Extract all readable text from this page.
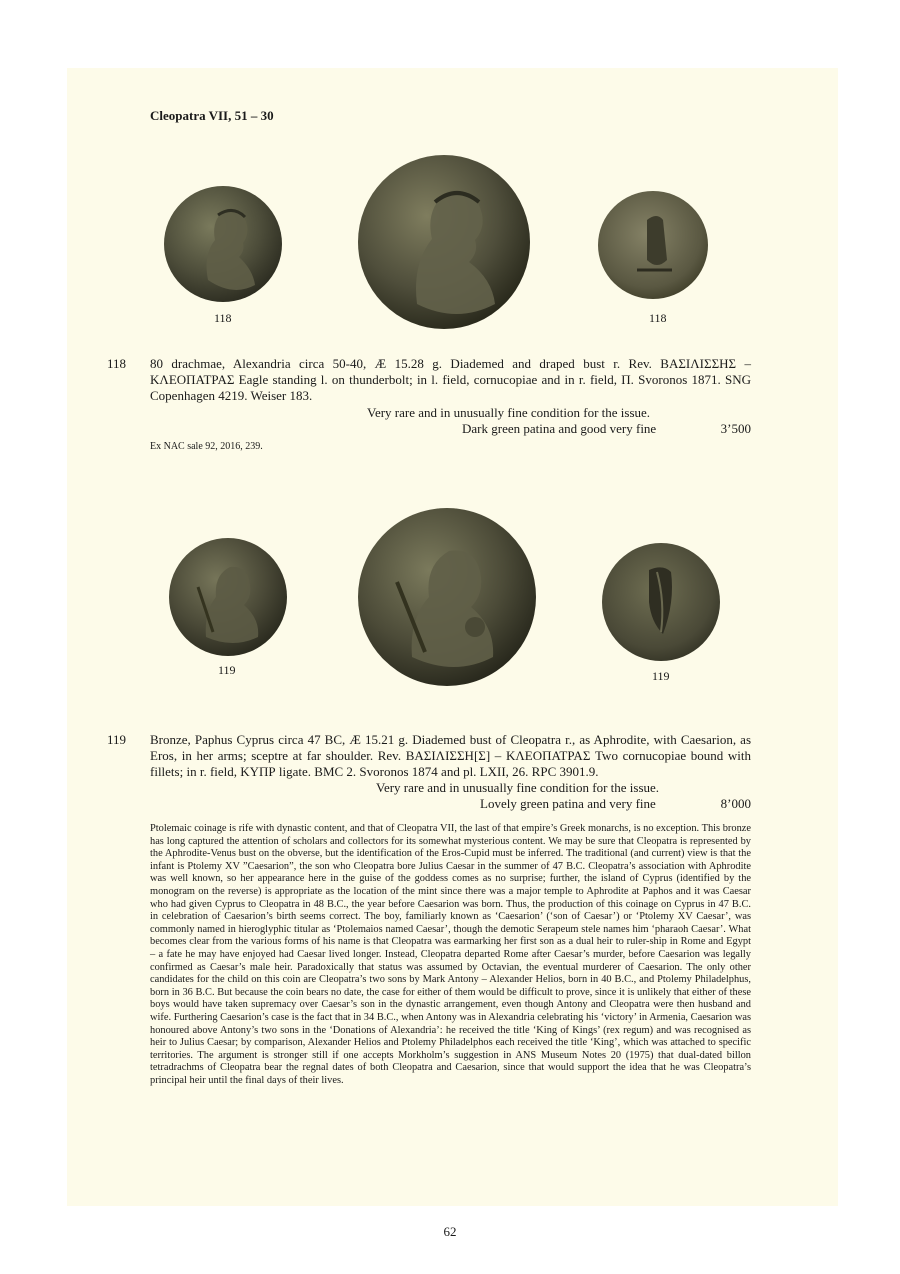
Cleopatra VII, 51 – 30
118	118
118 80 drachmae, Alexandria circa 50-40, Æ 15.28 g. Diademed and draped bust r. Rev. ΒΑΣΙΛΙΣΣΗΣ – ΚΛΕΟΠΑΤΡΑΣ Eagle standing l. on thunderbolt; in l. field, cornucopiae and in r. field, Π. Svoronos 1871. SNG Copenhagen 4219. Weiser 183.
Very rare and in unusually fine condition for the issue.
Dark green patina and good very fine	3’500
Ex NAC sale 92, 2016, 239.
119	119
119 Bronze, Paphus Cyprus circa 47 BC, Æ 15.21 g. Diademed bust of Cleopatra r., as Aphrodite, with Caesarion, as Eros, in her arms; sceptre at far shoulder. Rev. ΒΑΣΙΛΙΣΣΗ[Σ] – ΚΛΕΟΠΑΤΡΑΣ Two cornucopiae bound with fillets; in r. field, ΚΥΠΡ ligate. BMC 2. Svoronos 1874 and pl. LXII, 26. RPC 3901.9.
Very rare and in unusually fine condition for the issue.
Lovely green patina and very fine	8’000

Ptolemaic coinage is rife with dynastic content, and that of Cleopatra VII, the last of that empire’s Greek monarchs, is no exception. This bronze has long captured the attention of scholars and collectors for its somewhat mysterious content. We may be sure that Cleopatra is represented by the Aphrodite-Venus bust on the obverse, but the identification of the Eros-Cupid must be inferred. The traditional (and current) view is that the infant is Ptolemy XV ”Caesarion”, the son who Cleopatra bore Julius Caesar in the summer of 47 B.C. Cleopatra’s association with Aphrodite was well known, so her appearance here in the guise of the goddess comes as no surprise; further, the island of Cyprus (identified by the monogram on the reverse) is appropriate as the location of the mint since there was a major temple to Aphrodite at Paphos and it was Caesar who had given Cyprus to Cleopatra in 48 B.C., the year before Caesarion was born. Thus, the production of this coinage on Cyprus in 47 B.C. in celebration of Caesarion’s birth seems correct. The boy, familiarly known as ‘Caesarion’ (‘son of Caesar’) or ‘Ptolemy XV Caesar’, was commonly named in hieroglyphic titular as ‘Ptolemaios named Caesar’, though the demotic Serapeum stele names him ‘pharaoh Caesar’. What becomes clear from the various forms of his name is that Cleopatra was earmarking her first son as a dual heir to ruler-ship in Rome and Egypt – a fate he may have enjoyed had Caesar lived longer. Instead, Cleopatra departed Rome after Caesar’s murder, before Caesarion was legally confirmed as Caesar’s male heir. Paradoxically that status was assumed by Octavian, the eventual murderer of Caesarion. The only other candidates for the child on this coin are Cleopatra’s two sons by Mark Antony – Alexander Helios, born in 40 B.C., and Ptolemy Philadelphus, born in 36 B.C. But because the coin bears no date, the case for either of them would be difficult to prove, since it is unlikely that either of these boys would have taken supremacy over Caesar’s son in the dynastic arrangement, even though Antony and Cleopatra were then husband and wife. Furthering Caesarion’s case is the fact that in 34 B.C., when Antony was in Alexandria celebrating his ‘victory’ in Armenia, Caesarion was honoured above Antony’s two sons in the ‘Donations of Alexandria’: he received the title ‘King of Kings’ (rex regum) and was recognised as heir to Julius Caesar; by comparison, Alexander Helios and Ptolemy Philadelphos each received the title ‘King’, which was attached to specific territories. The argument is stronger still if one accepts Morkholm’s suggestion in ANS Museum Notes 20 (1975) that dual-dated billon tetradrachms of Cleopatra bear the regnal dates of both Cleopatra and Caesarion, since that would support the idea that he was Cleopatra’s principal heir until the final days of their lives.

62
